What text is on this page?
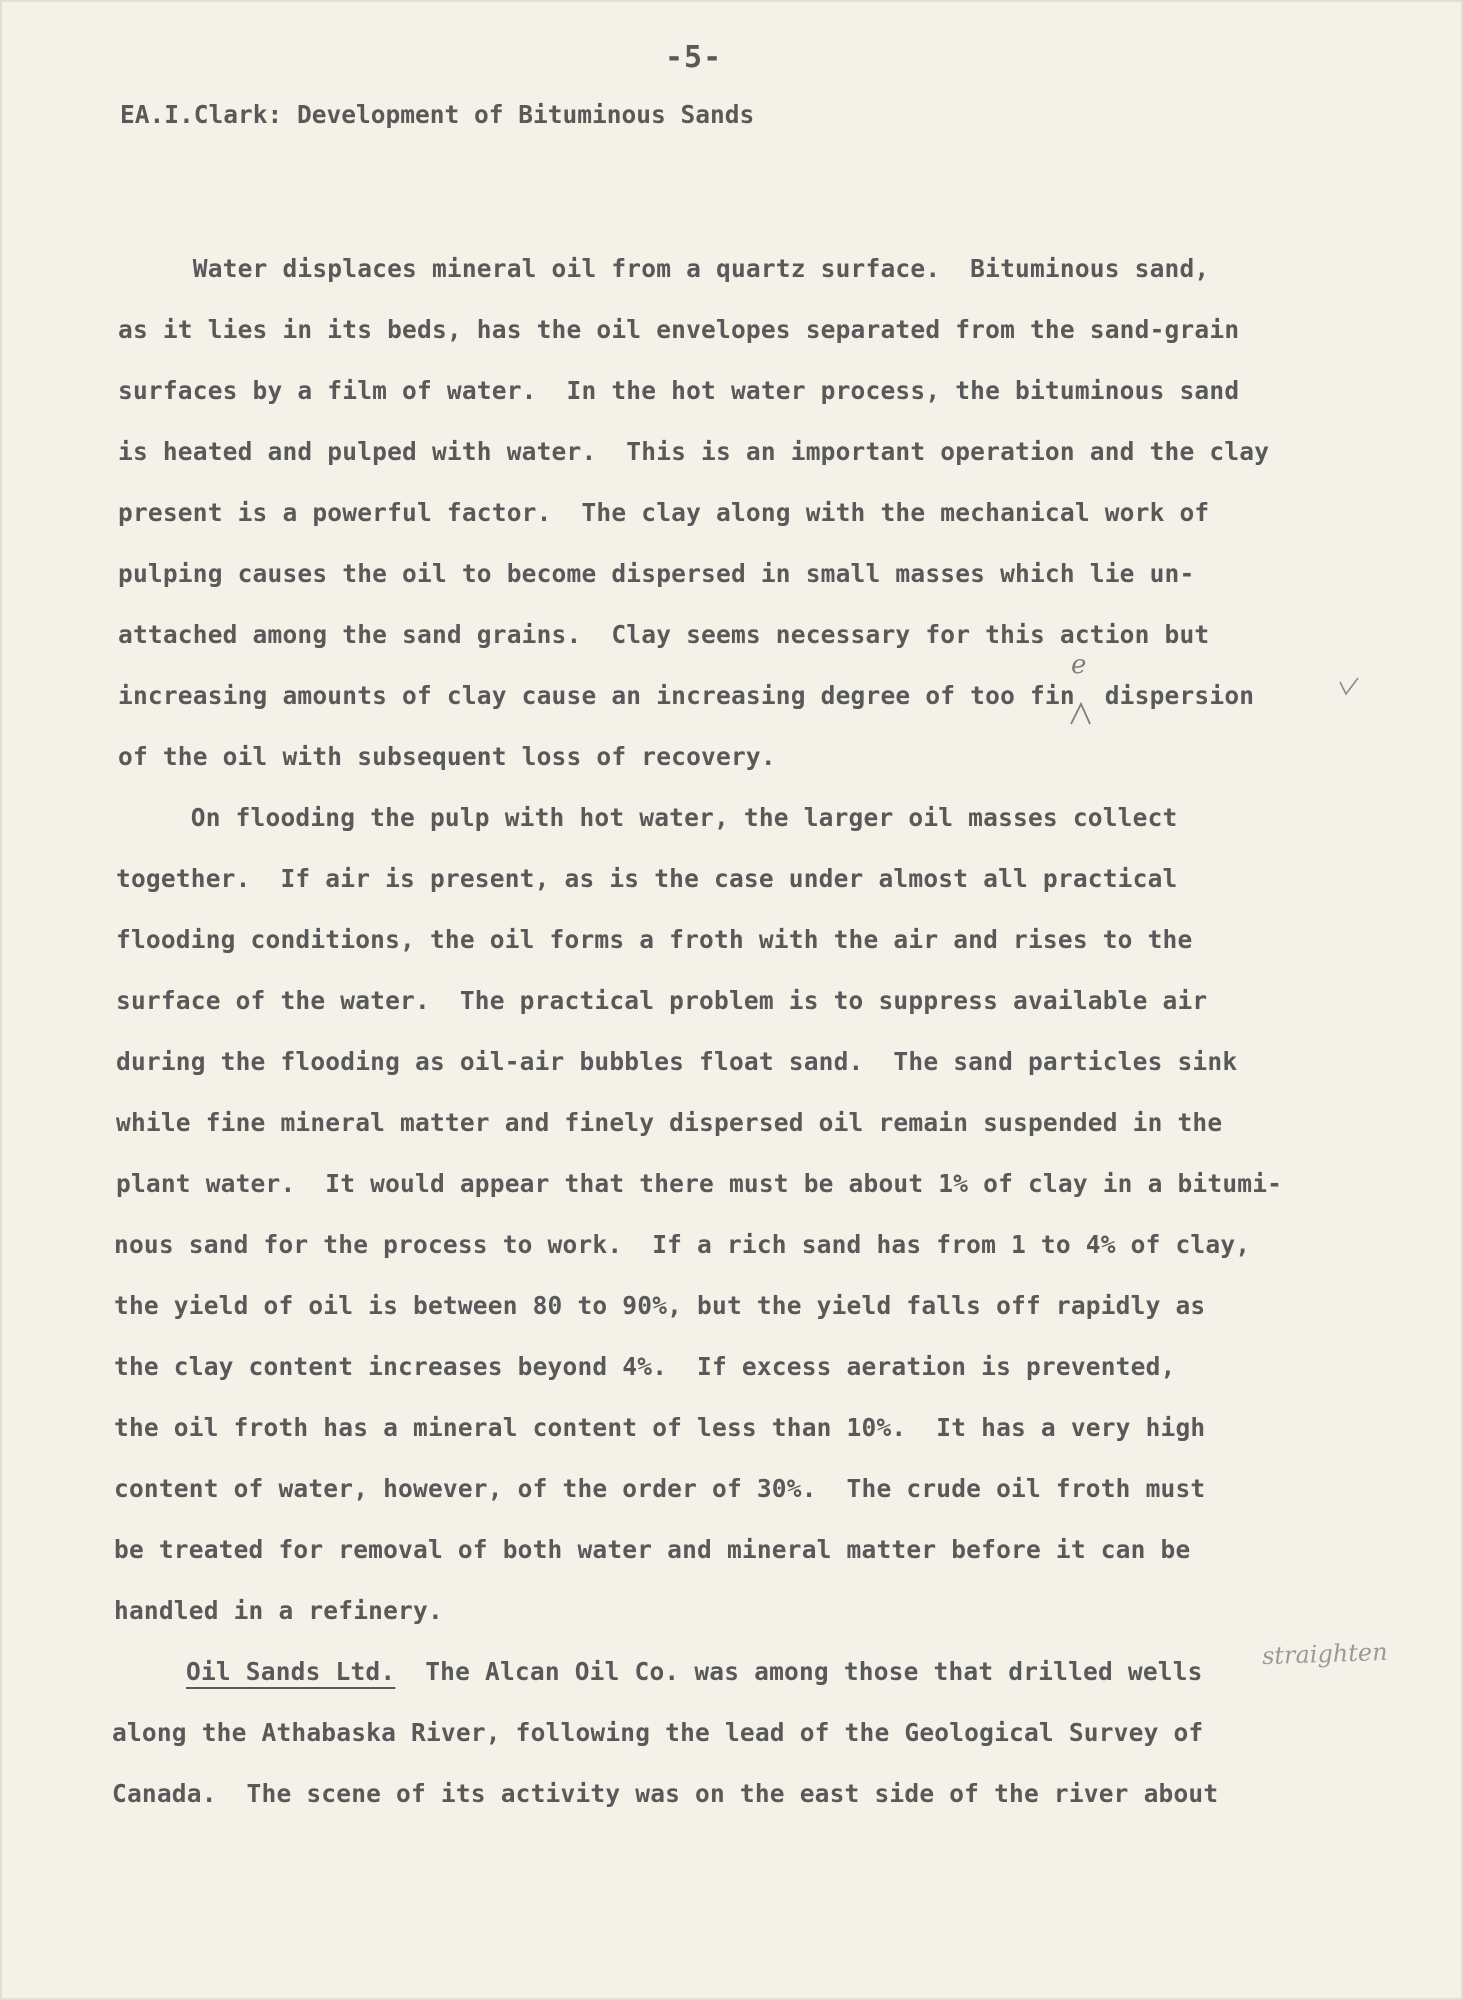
-5-
EA.I.Clark: Development of Bituminous Sands
Water displaces mineral oil from a quartz surface.  Bituminous sand,
as it lies in its beds, has the oil envelopes separated from the sand-grain
surfaces by a film of water.  In the hot water process, the bituminous sand
is heated and pulped with water.  This is an important operation and the clay
present is a powerful factor.  The clay along with the mechanical work of
pulping causes the oil to become dispersed in small masses which lie un-
attached among the sand grains.  Clay seems necessary for this action but
increasing amounts of clay cause an increasing degree of too fin  dispersion
of the oil with subsequent loss of recovery.
On flooding the pulp with hot water, the larger oil masses collect
together.  If air is present, as is the case under almost all practical
flooding conditions, the oil forms a froth with the air and rises to the
surface of the water.  The practical problem is to suppress available air
during the flooding as oil-air bubbles float sand.  The sand particles sink
while fine mineral matter and finely dispersed oil remain suspended in the
plant water.  It would appear that there must be about 1% of clay in a bitumi-
nous sand for the process to work.  If a rich sand has from 1 to 4% of clay,
the yield of oil is between 80 to 90%, but the yield falls off rapidly as
the clay content increases beyond 4%.  If excess aeration is prevented,
the oil froth has a mineral content of less than 10%.  It has a very high
content of water, however, of the order of 30%.  The crude oil froth must
be treated for removal of both water and mineral matter before it can be
handled in a refinery.
Oil Sands Ltd.  The Alcan Oil Co. was among those that drilled wells
along the Athabaska River, following the lead of the Geological Survey of
Canada.  The scene of its activity was on the east side of the river about
e
straighten
